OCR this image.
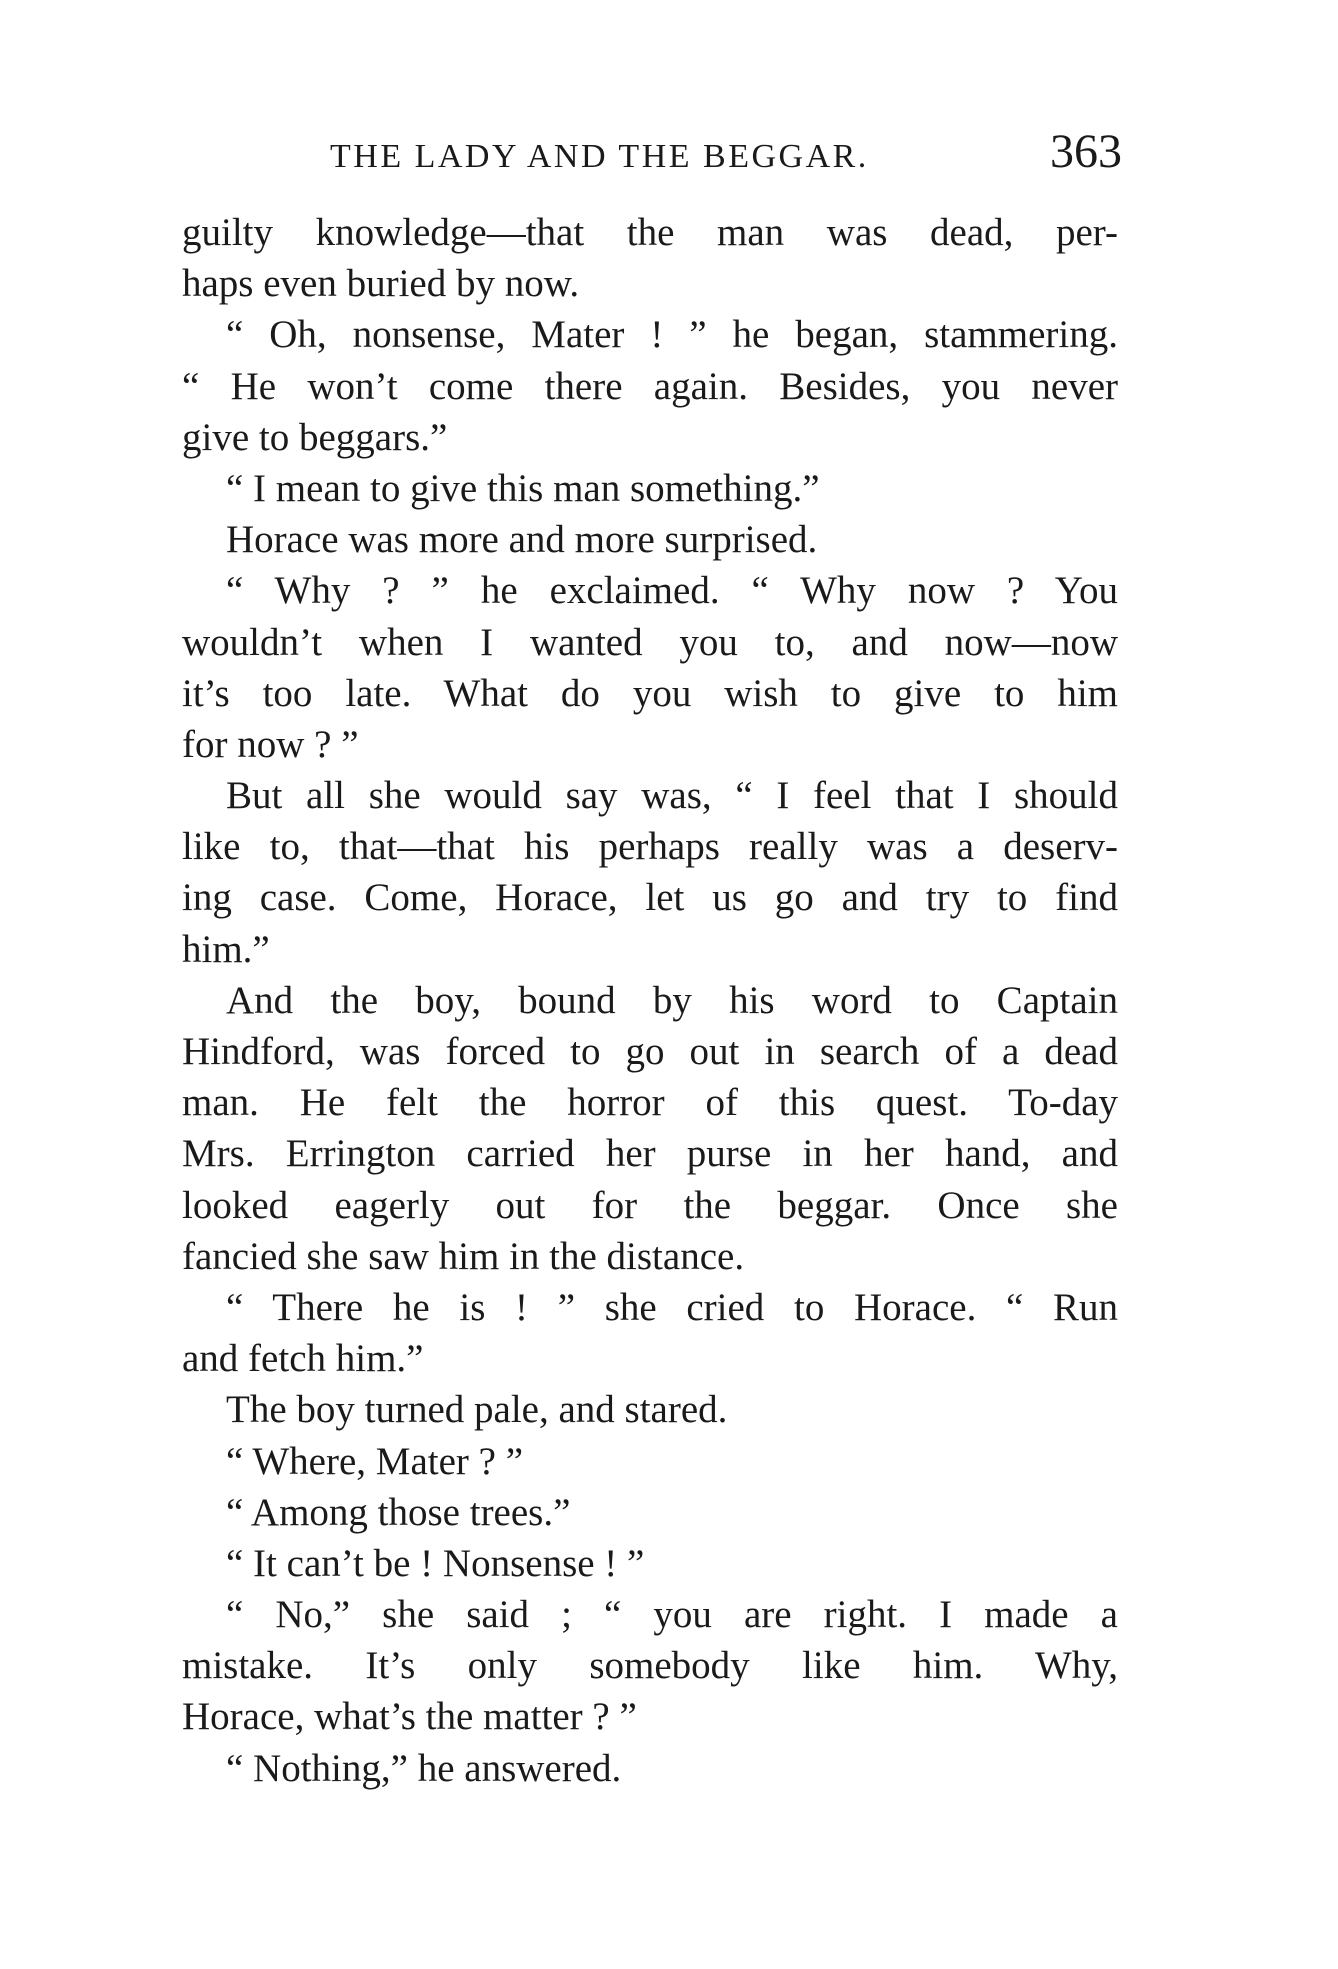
THE LADY AND THE BEGGAR.	363
guilty knowledge—that the man was dead, per-
haps even buried by now.
“ Oh, nonsense, Mater ! ” he began, stammering.
“ He won’t come there again. Besides, you never
give to beggars.”
“ I mean to give this man something.”
Horace was more and more surprised.
“ Why ? ” he exclaimed. “ Why now ? You
wouldn’t when I wanted you to, and now—now
it’s too late. What do you wish to give to him
for now ? ”
But all she would say was, “ I feel that I should
like to, that—that his perhaps really was a deserv-
ing case. Come, Horace, let us go and try to find
him.”
And the boy, bound by his word to Captain
Hindford, was forced to go out in search of a dead
man. He felt the horror of this quest. To-day
Mrs. Errington carried her purse in her hand, and
looked eagerly out for the beggar. Once she
fancied she saw him in the distance.
“ There he is ! ” she cried to Horace. “ Run
and fetch him.”
The boy turned pale, and stared.
“ Where, Mater ? ”
“ Among those trees.”
“ It can’t be ! Nonsense ! ”
“ No,” she said ; “ you are right. I made a
mistake. It’s only somebody like him. Why,
Horace, what’s the matter ? ”
“ Nothing,” he answered.
